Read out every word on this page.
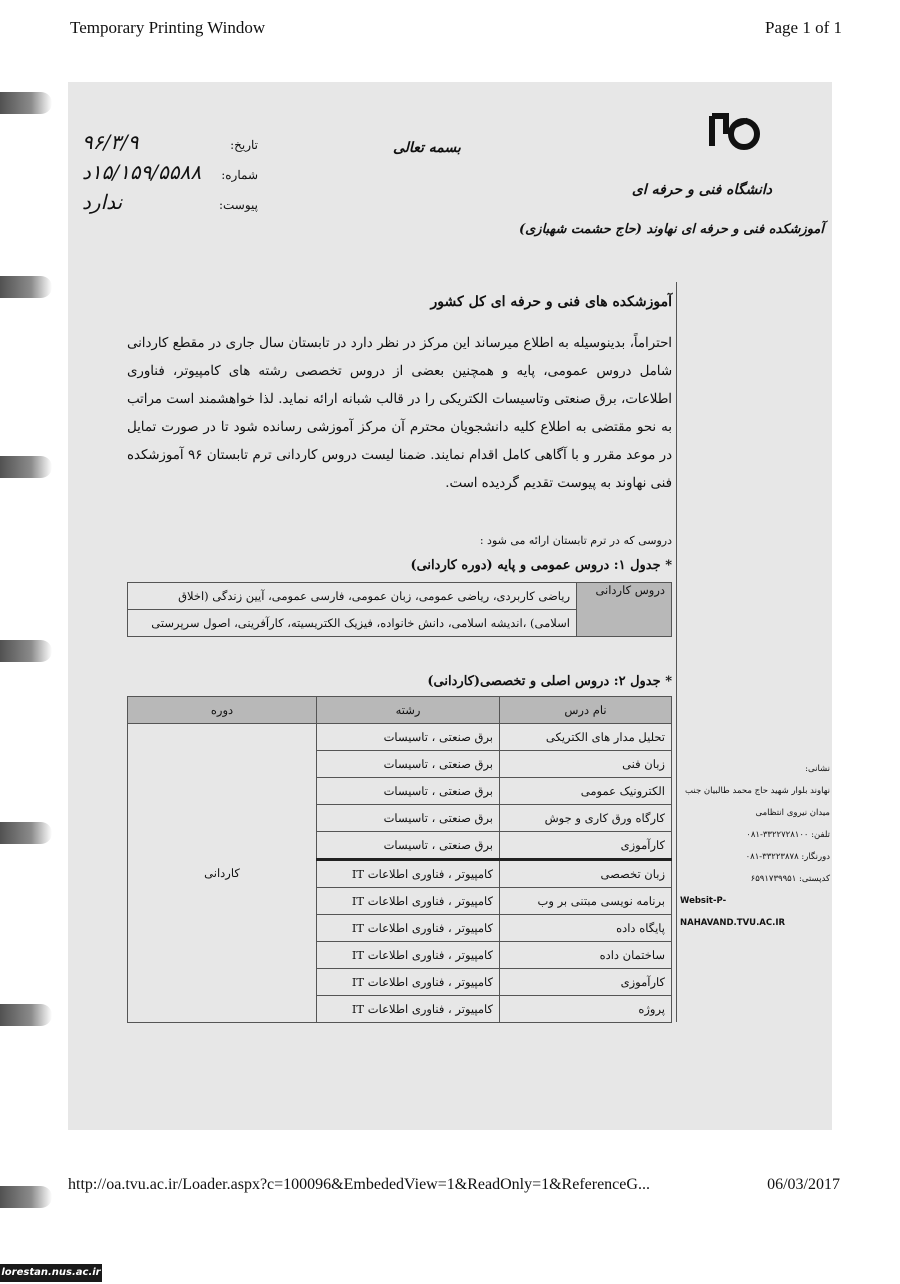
Temporary Printing Window	Page 1 of 1
دانشگاه فنی و حرفه ای
آموزشکده فنی و حرفه ای نهاوند (حاج حشمت شهبازی)
بسمه تعالی
تاریخ:
۹۶/۳/۹
شماره:
۱۵/۱۵۹/۵۵۸۸د
پیوست:
ندارد
آموزشکده های فنی و حرفه ای کل کشور
احتراماً، بدینوسیله به اطلاع میرساند این مرکز در نظر دارد در تابستان سال جاری در مقطع کاردانی شامل دروس عمومی، پایه و همچنین بعضی از دروس تخصصی رشته های کامپیوتر، فناوری اطلاعات، برق صنعتی وتاسیسات الکتریکی را در قالب شبانه ارائه نماید. لذا خواهشمند است مراتب به نحو مقتضی به اطلاع کلیه دانشجویان محترم آن مرکز آموزشی رسانده شود تا در صورت تمایل در موعد مقرر و با آگاهی کامل اقدام نمایند. ضمنا لیست دروس کاردانی ترم تابستان ۹۶ آموزشکده فنی نهاوند به پیوست تقدیم گردیده است.
دروسی که در ترم تابستان ارائه می شود :
* جدول ۱: دروس عمومی و پایه (دوره کاردانی)
دروس کاردانی	ریاضی کاربردی، ریاضی عمومی، زبان عمومی، فارسی عمومی، آیین زندگی (اخلاق
اسلامی) ،اندیشه اسلامی، دانش خانواده، فیزیک الکتریسیته، کارآفرینی، اصول سرپرستی
* جدول ۲: دروس اصلی و تخصصی(کاردانی)
نام درس	رشته	دوره
تحلیل مدار های الکتریکی	برق صنعتی ، تاسیسات	کاردانی
زبان فنی	برق صنعتی ، تاسیسات	
الکترونیک عمومی	برق صنعتی ، تاسیسات	
کارگاه ورق کاری و جوش	برق صنعتی ، تاسیسات	
کارآموزی	برق صنعتی ، تاسیسات	
زبان تخصصی	کامپیوتر ، فناوری اطلاعات IT	
برنامه نویسی مبتنی بر وب	کامپیوتر ، فناوری اطلاعات IT	
پایگاه داده	کامپیوتر ، فناوری اطلاعات IT	
ساختمان داده	کامپیوتر ، فناوری اطلاعات IT	
کارآموزی	کامپیوتر ، فناوری اطلاعات IT	
پروژه	کامپیوتر ، فناوری اطلاعات IT	
نشانی:
نهاوند بلوار شهید حاج محمد طالبیان جنب
میدان نیروی انتظامی
تلفن: ۳۳۲۲۷۲۸۱۰۰-۰۸۱
دورنگار: ۳۳۲۲۳۸۷۸-۰۸۱
کدپستی: ۶۵۹۱۷۳۹۹۵۱
Websit-P-NAHAVAND.TVU.AC.IR
http://oa.tvu.ac.ir/Loader.aspx?c=100096&EmbededView=1&ReadOnly=1&ReferenceG...	06/03/2017
lorestan.nus.ac.ir
